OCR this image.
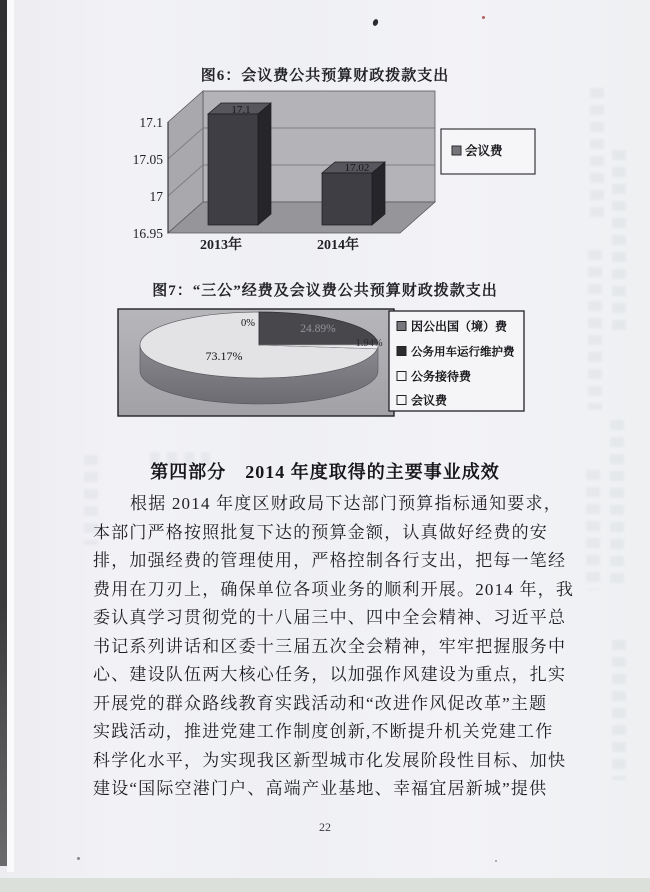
图6：会议费公共预算财政拨款支出
17.1
17.02
17.1
17.05
17
16.95
2013年	2014年
会议费
图7：“三公”经费及会议费公共预算财政拨款支出
0%	24.89%
73.17%
1.94%
因公出国（境）费
公务用车运行维护费
公务接待费
会议费
第四部分　2014 年度取得的主要事业成效
根据 2014 年度区财政局下达部门预算指标通知要求，
本部门严格按照批复下达的预算金额，认真做好经费的安
排，加强经费的管理使用，严格控制各行支出，把每一笔经
费用在刀刃上，确保单位各项业务的顺利开展。2014 年，我
委认真学习贯彻党的十八届三中、四中全会精神、习近平总
书记系列讲话和区委十三届五次全会精神，牢牢把握服务中
心、建设队伍两大核心任务，以加强作风建设为重点，扎实
开展党的群众路线教育实践活动和“改进作风促改革”主题
实践活动，推进党建工作制度创新,不断提升机关党建工作
科学化水平，为实现我区新型城市化发展阶段性目标、加快
建设“国际空港门户、高端产业基地、幸福宜居新城”提供
22
